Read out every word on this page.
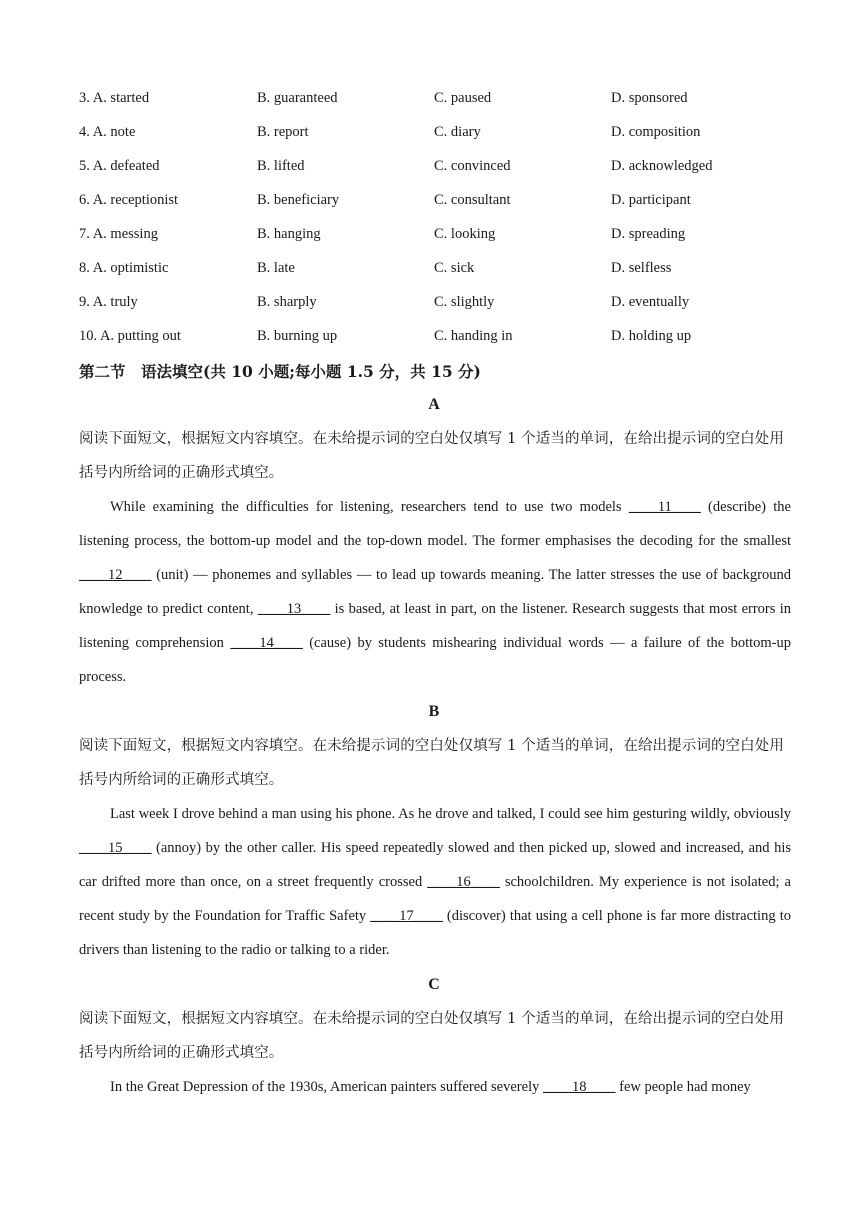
3. A. started	B. guaranteed	C. paused	D. sponsored
4. A. note	B. report	C. diary	D. composition
5. A. defeated	B. lifted	C. convinced	D. acknowledged
6. A. receptionist	B. beneficiary	C. consultant	D. participant
7. A. messing	B. hanging	C. looking	D. spreading
8. A. optimistic	B. late	C. sick	D. selfless
9. A. truly	B. sharply	C. slightly	D. eventually
10. A. putting out	B. burning up	C. handing in	D. holding up
第二节　语法填空(共 10 小题;每小题 1.5 分，共 15 分)
A
阅读下面短文，根据短文内容填空。在未给提示词的空白处仅填写 1 个适当的单词，在给出提示词的空白处用括号内所给词的正确形式填空。
While examining the difficulties for listening, researchers tend to use two models ____11____ (describe) the listening process, the bottom-up model and the top-down model. The former emphasises the decoding for the smallest ____12____ (unit) — phonemes and syllables — to lead up towards meaning. The latter stresses the use of background knowledge to predict content, ____13____ is based, at least in part, on the listener. Research suggests that most errors in listening comprehension ____14____ (cause) by students mishearing individual words — a failure of the bottom-up process.
B
阅读下面短文，根据短文内容填空。在未给提示词的空白处仅填写 1 个适当的单词，在给出提示词的空白处用括号内所给词的正确形式填空。
Last week I drove behind a man using his phone. As he drove and talked, I could see him gesturing wildly, obviously ____15____ (annoy) by the other caller. His speed repeatedly slowed and then picked up, slowed and increased, and his car drifted more than once, on a street frequently crossed ____16____ schoolchildren. My experience is not isolated; a recent study by the Foundation for Traffic Safety ____17____ (discover) that using a cell phone is far more distracting to drivers than listening to the radio or talking to a rider.
C
阅读下面短文，根据短文内容填空。在未给提示词的空白处仅填写 1 个适当的单词，在给出提示词的空白处用括号内所给词的正确形式填空。
In the Great Depression of the 1930s, American painters suffered severely ____18____ few people had money
